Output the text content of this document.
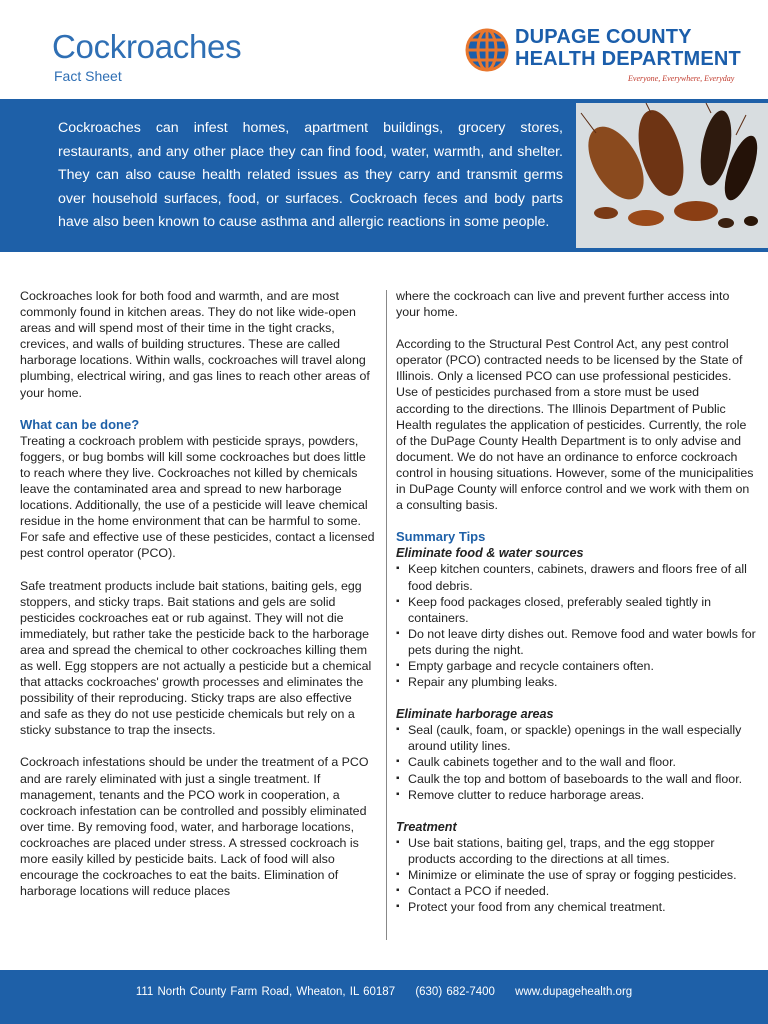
Cockroaches
Fact Sheet
DUPAGE COUNTY
HEALTH DEPARTMENT
Everyone, Everywhere, Everyday
Cockroaches can infest homes, apartment buildings, grocery stores, restaurants, and any other place they can find food, water, warmth, and shelter. They can also cause health related issues as they carry and transmit germs over household surfaces, food, or surfaces. Cockroach feces and body parts have also been known to cause asthma and allergic reactions in some people.

Cockroaches look for both food and warmth, and are most commonly found in kitchen areas. They do not like wide-open areas and will spend most of their time in the tight cracks, crevices, and walls of building structures. These are called harborage locations. Within walls, cockroaches will travel along plumbing, electrical wiring, and gas lines to reach other areas of your home.

What can be done?

Treating a cockroach problem with pesticide sprays, powders, foggers, or bug bombs will kill some cockroaches but does little to reach where they live. Cockroaches not killed by chemicals leave the contaminated area and spread to new harborage locations. Additionally, the use of a pesticide will leave chemical residue in the home environment that can be harmful to some. For safe and effective use of these pesticides, contact a licensed pest control operator (PCO).

Safe treatment products include bait stations, baiting gels, egg stoppers, and sticky traps. Bait stations and gels are solid pesticides cockroaches eat or rub against. They will not die immediately, but rather take the pesticide back to the harborage area and spread the chemical to other cockroaches killing them as well. Egg stoppers are not actually a pesticide but a chemical that attacks cockroaches' growth processes and eliminates the possibility of their reproducing. Sticky traps are also effective and safe as they do not use pesticide chemicals but rely on a sticky substance to trap the insects.

Cockroach infestations should be under the treatment of a PCO and are rarely eliminated with just a single treatment. If management, tenants and the PCO work in cooperation, a cockroach infestation can be controlled and possibly eliminated over time. By removing food, water, and harborage locations, cockroaches are placed under stress. A stressed cockroach is more easily killed by pesticide baits. Lack of food will also encourage the cockroaches to eat the baits. Elimination of harborage locations will reduce places

where the cockroach can live and prevent further access into your home.

According to the Structural Pest Control Act, any pest control operator (PCO) contracted needs to be licensed by the State of Illinois. Only a licensed PCO can use professional pesticides. Use of pesticides purchased from a store must be used according to the directions. The Illinois Department of Public Health regulates the application of pesticides. Currently, the role of the DuPage County Health Department is to only advise and document. We do not have an ordinance to enforce cockroach control in housing situations. However, some of the municipalities in DuPage County will enforce control and we work with them on a consulting basis.

Summary Tips
Eliminate food & water sources
▪ Keep kitchen counters, cabinets, drawers and floors free of all food debris.
▪ Keep food packages closed, preferably sealed tightly in containers.
▪ Do not leave dirty dishes out. Remove food and water bowls for pets during the night.
▪ Empty garbage and recycle containers often.
▪ Repair any plumbing leaks.
Eliminate harborage areas
▪ Seal (caulk, foam, or spackle) openings in the wall especially around utility lines.
▪ Caulk cabinets together and to the wall and floor.
▪ Caulk the top and bottom of baseboards to the wall and floor.
▪ Remove clutter to reduce harborage areas.
Treatment
▪ Use bait stations, baiting gel, traps, and the egg stopper products according to the directions at all times.
▪ Minimize or eliminate the use of spray or fogging pesticides.
▪ Contact a PCO if needed.
▪ Protect your food from any chemical treatment.
111 North County Farm Road, Wheaton, IL 60187 (630) 682-7400 www.dupagehealth.org
